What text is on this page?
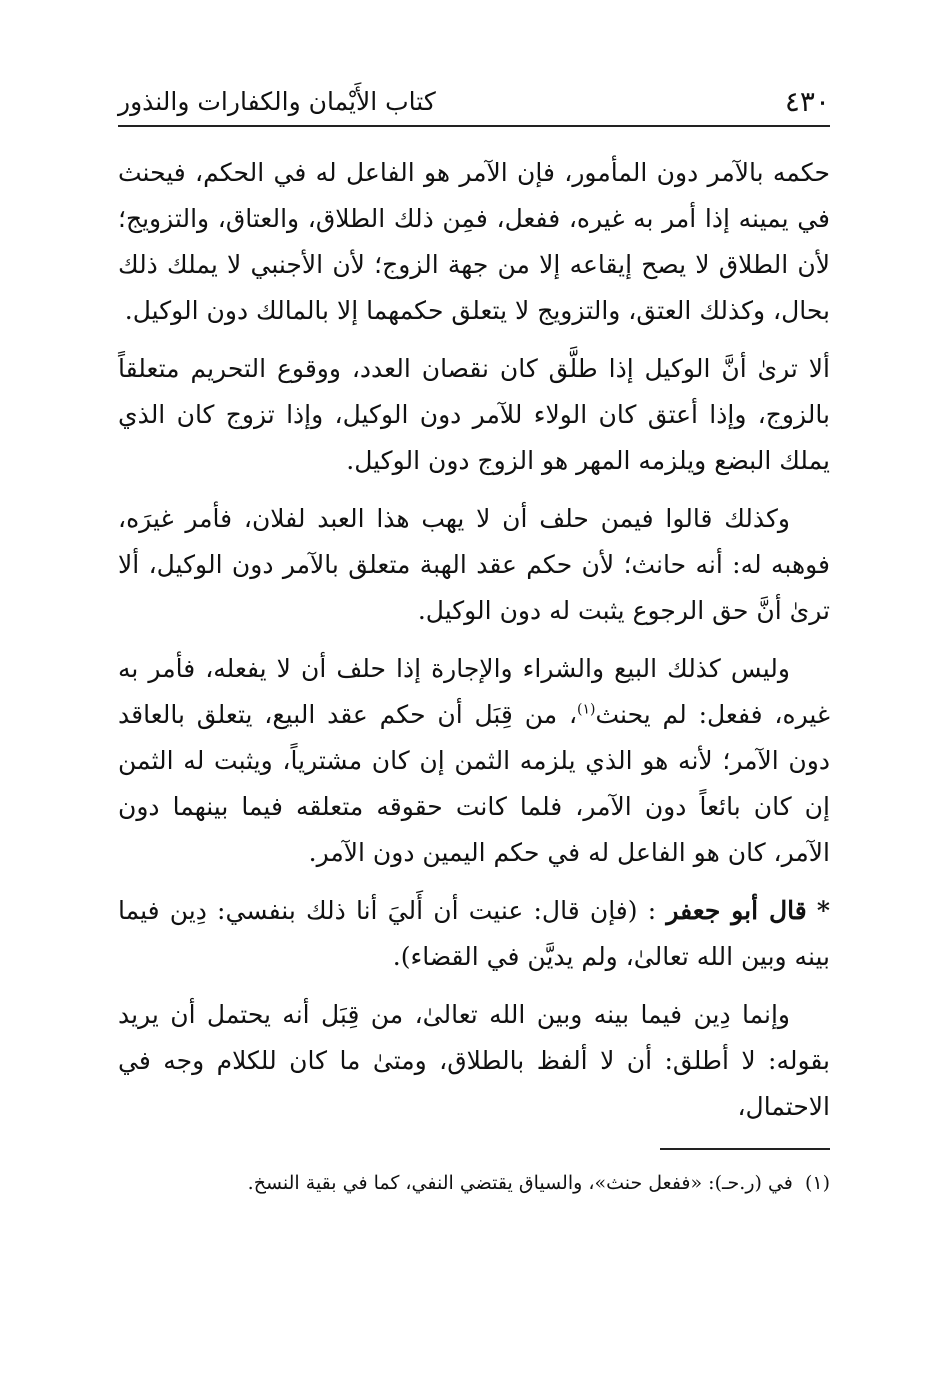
٤٣٠
كتاب الأَيْمان والكفارات والنذور

حكمه بالآمر دون المأمور، فإن الآمر هو الفاعل له في الحكم، فيحنث في يمينه إذا أمر به غيره، ففعل، فمِن ذلك الطلاق، والعتاق، والتزويج؛ لأن الطلاق لا يصح إيقاعه إلا من جهة الزوج؛ لأن الأجنبي لا يملك ذلك بحال، وكذلك العتق، والتزويج لا يتعلق حكمهما إلا بالمالك دون الوكيل.

ألا ترىٰ أنَّ الوكيل إذا طلَّق كان نقصان العدد، ووقوع التحريم متعلقاً بالزوج، وإذا أعتق كان الولاء للآمر دون الوكيل، وإذا تزوج كان الذي يملك البضع ويلزمه المهر هو الزوج دون الوكيل.

وكذلك قالوا فيمن حلف أن لا يهب هذا العبد لفلان، فأمر غيرَه، فوهبه له: أنه حانث؛ لأن حكم عقد الهبة متعلق بالآمر دون الوكيل، ألا ترىٰ أنَّ حق الرجوع يثبت له دون الوكيل.

وليس كذلك البيع والشراء والإجارة إذا حلف أن لا يفعله، فأمر به غيره، ففعل: لم يحنث$^{(١)}$، من قِبَل أن حكم عقد البيع، يتعلق بالعاقد دون الآمر؛ لأنه هو الذي يلزمه الثمن إن كان مشترياً، ويثبت له الثمن إن كان بائعاً دون الآمر، فلما كانت حقوقه متعلقه فيما بينهما دون الآمر، كان هو الفاعل له في حكم اليمين دون الآمر.

* قال أبو جعفر : (فإن قال: عنيت أن أَليَ أنا ذلك بنفسي: دِين فيما بينه وبين الله تعالىٰ، ولم يديَّن في القضاء).

وإنما دِين فيما بينه وبين الله تعالىٰ، من قِبَل أنه يحتمل أن يريد بقوله: لا أطلق: أن لا ألفظ بالطلاق، ومتىٰ ما كان للكلام وجه في الاحتمال،

(١) في (ر.حـ): «ففعل حنث»، والسياق يقتضي النفي، كما في بقية النسخ.
